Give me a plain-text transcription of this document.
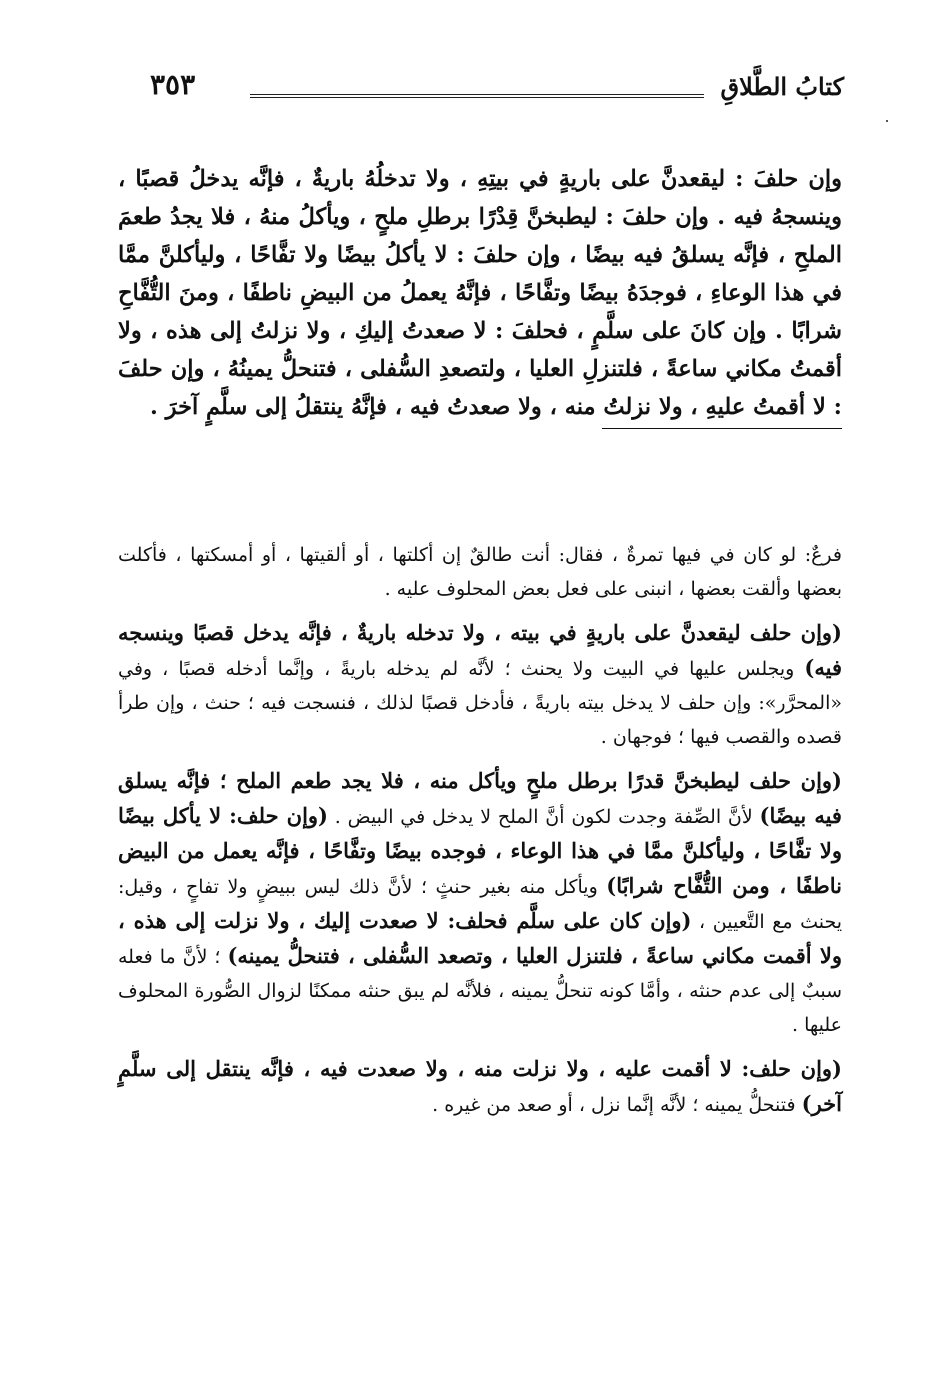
كتابُ الطَّلاقِ
٣٥٣
وإن حلفَ : ليقعدنَّ على باريةٍ في بيتِهِ ، ولا تدخلُهُ باريةٌ ، فإنَّه يدخلُ قصبًا ، وينسجهُ فيه . وإن حلفَ : ليطبخنَّ قِدْرًا برطلِ ملحٍ ، ويأكلُ منهُ ، فلا يجدُ طعمَ الملحِ ، فإنَّه يسلقُ فيه بيضًا ، وإن حلفَ : لا يأكلُ بيضًا ولا تفَّاحًا ، وليأكلنَّ ممَّا في هذا الوعاءِ ، فوجدَهُ بيضًا وتفَّاحًا ، فإنَّهُ يعملُ من البيضِ ناطفًا ، ومنَ التُّفَّاحِ شرابًا . وإن كانَ على سلَّمٍ ، فحلفَ : لا صعدتُ إليكِ ، ولا نزلتُ إلى هذه ، ولا أقمتُ مكاني ساعةً ، فلتنزلِ العليا ، ولتصعدِ السُّفلى ، فتنحلُّ يمينُهُ ، وإن حلفَ : لا أقمتُ عليهِ ، ولا نزلتُ منه ، ولا صعدتُ فيه ، فإنَّهُ ينتقلُ إلى سلَّمٍ آخرَ .

فرعٌ: لو كان في فيها تمرةٌ ، فقال: أنت طالقٌ إن أكلتها ، أو ألقيتها ، أو أمسكتها ، فأكلت بعضها وألقت بعضها ، انبنى على فعل بعض المحلوف عليه .

(وإن حلف ليقعدنَّ على باريةٍ في بيته ، ولا تدخله باريةٌ ، فإنَّه يدخل قصبًا وينسجه فيه) ويجلس عليها في البيت ولا يحنث ؛ لأنَّه لم يدخله باريةً ، وإنَّما أدخله قصبًا ، وفي «المحرَّر»: وإن حلف لا يدخل بيته باريةً ، فأدخل قصبًا لذلك ، فنسجت فيه ؛ حنث ، وإن طرأ قصده والقصب فيها ؛ فوجهان .

(وإن حلف ليطبخنَّ قدرًا برطل ملحٍ ويأكل منه ، فلا يجد طعم الملح ؛ فإنَّه يسلق فيه بيضًا) لأنَّ الصِّفة وجدت لكون أنَّ الملح لا يدخل في البيض . (وإن حلف: لا يأكل بيضًا ولا تفَّاحًا ، وليأكلنَّ ممَّا في هذا الوعاء ، فوجده بيضًا وتفَّاحًا ، فإنَّه يعمل من البيض ناطفًا ، ومن التُّفَّاح شرابًا) ويأكل منه بغير حنثٍ ؛ لأنَّ ذلك ليس ببيضٍ ولا تفاحٍ ، وقيل: يحنث مع التَّعيين ، (وإن كان على سلَّم فحلف: لا صعدت إليك ، ولا نزلت إلى هذه ، ولا أقمت مكاني ساعةً ، فلتنزل العليا ، وتصعد السُّفلى ، فتنحلُّ يمينه) ؛ لأنَّ ما فعله سببٌ إلى عدم حنثه ، وأمَّا كونه تنحلُّ يمينه ، فلأنَّه لم يبق حنثه ممكنًا لزوال الصُّورة المحلوف عليها .

(وإن حلف: لا أقمت عليه ، ولا نزلت منه ، ولا صعدت فيه ، فإنَّه ينتقل إلى سلَّمٍ آخر) فتنحلُّ يمينه ؛ لأنَّه إنَّما نزل ، أو صعد من غيره .
